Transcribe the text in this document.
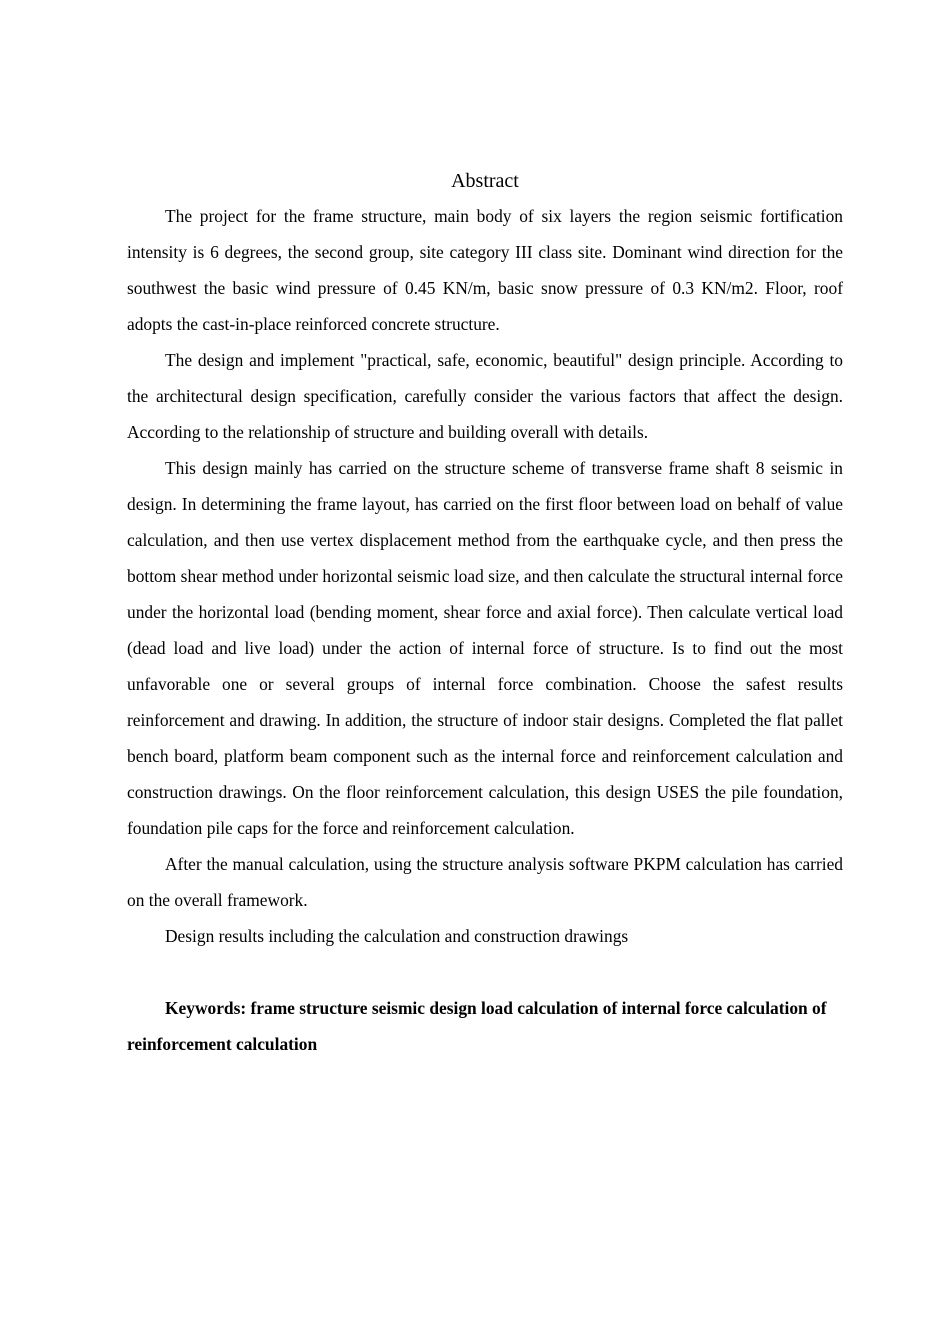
Abstract

The project for the frame structure, main body of six layers the region seismic fortification intensity is 6 degrees, the second group, site category III class site. Dominant wind direction for the southwest the basic wind pressure of 0.45 KN/m, basic snow pressure of 0.3 KN/m2. Floor, roof adopts the cast-in-place reinforced concrete structure.

The design and implement "practical, safe, economic, beautiful" design principle. According to the architectural design specification, carefully consider the various factors that affect the design. According to the relationship of structure and building overall with details.

This design mainly has carried on the structure scheme of transverse frame shaft 8 seismic in design. In determining the frame layout, has carried on the first floor between load on behalf of value calculation, and then use vertex displacement method from the earthquake cycle, and then press the bottom shear method under horizontal seismic load size, and then calculate the structural internal force under the horizontal load (bending moment, shear force and axial force). Then calculate vertical load (dead load and live load) under the action of internal force of structure. Is to find out the most unfavorable one or several groups of internal force combination. Choose the safest results reinforcement and drawing. In addition, the structure of indoor stair designs. Completed the flat pallet bench board, platform beam component such as the internal force and reinforcement calculation and construction drawings. On the floor reinforcement calculation, this design USES the pile foundation, foundation pile caps for the force and reinforcement calculation.

After the manual calculation, using the structure analysis software PKPM calculation has carried on the overall framework.

Design results including the calculation and construction drawings

Keywords: frame structure seismic design load calculation of internal force calculation of reinforcement calculation
